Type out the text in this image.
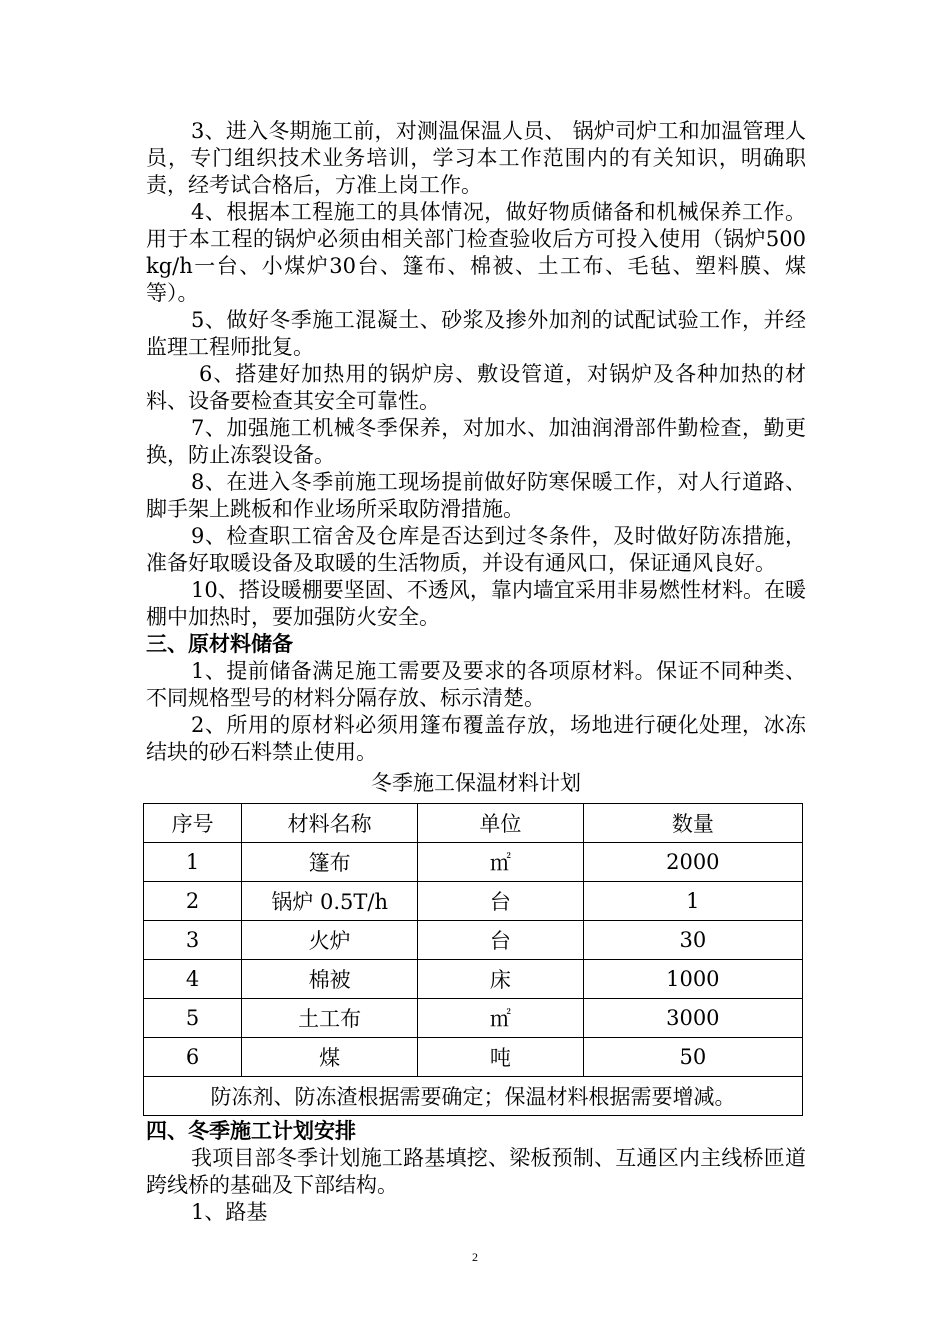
3、进入冬期施工前，对测温保温人员、 锅炉司炉工和加温管理人员，专门组织技术业务培训，学习本工作范围内的有关知识，明确职责，经考试合格后，方准上岗工作。

4、根据本工程施工的具体情况，做好物质储备和机械保养工作。用于本工程的锅炉必须由相关部门检查验收后方可投入使用（锅炉500kg/h一台、小煤炉30台、篷布、棉被、土工布、毛毡、塑料膜、煤等）。

5、做好冬季施工混凝土、砂浆及掺外加剂的试配试验工作，并经监理工程师批复。

6、搭建好加热用的锅炉房、敷设管道，对锅炉及各种加热的材料、设备要检查其安全可靠性。

7、加强施工机械冬季保养，对加水、加油润滑部件勤检查，勤更换，防止冻裂设备。

8、在进入冬季前施工现场提前做好防寒保暖工作，对人行道路、脚手架上跳板和作业场所采取防滑措施。

9、检查职工宿舍及仓库是否达到过冬条件，及时做好防冻措施，准备好取暖设备及取暖的生活物质，并设有通风口，保证通风良好。

10、搭设暖棚要坚固、不透风，靠内墙宜采用非易燃性材料。在暖棚中加热时，要加强防火安全。

三、原材料储备

1、提前储备满足施工需要及要求的各项原材料。保证不同种类、不同规格型号的材料分隔存放、标示清楚。

2、所用的原材料必须用篷布覆盖存放，场地进行硬化处理，冰冻结块的砂石料禁止使用。

冬季施工保温材料计划
序号	材料名称	单位	数量
1	篷布	㎡	2000
2	锅炉 0.5T/h	台	1
3	火炉	台	30
4	棉被	床	1000
5	土工布	㎡	3000
6	煤	吨	50
防冻剂、防冻渣根据需要确定；保温材料根据需要增减。			

四、冬季施工计划安排

我项目部冬季计划施工路基填挖、梁板预制、互通区内主线桥匝道跨线桥的基础及下部结构。

1、路基

2
